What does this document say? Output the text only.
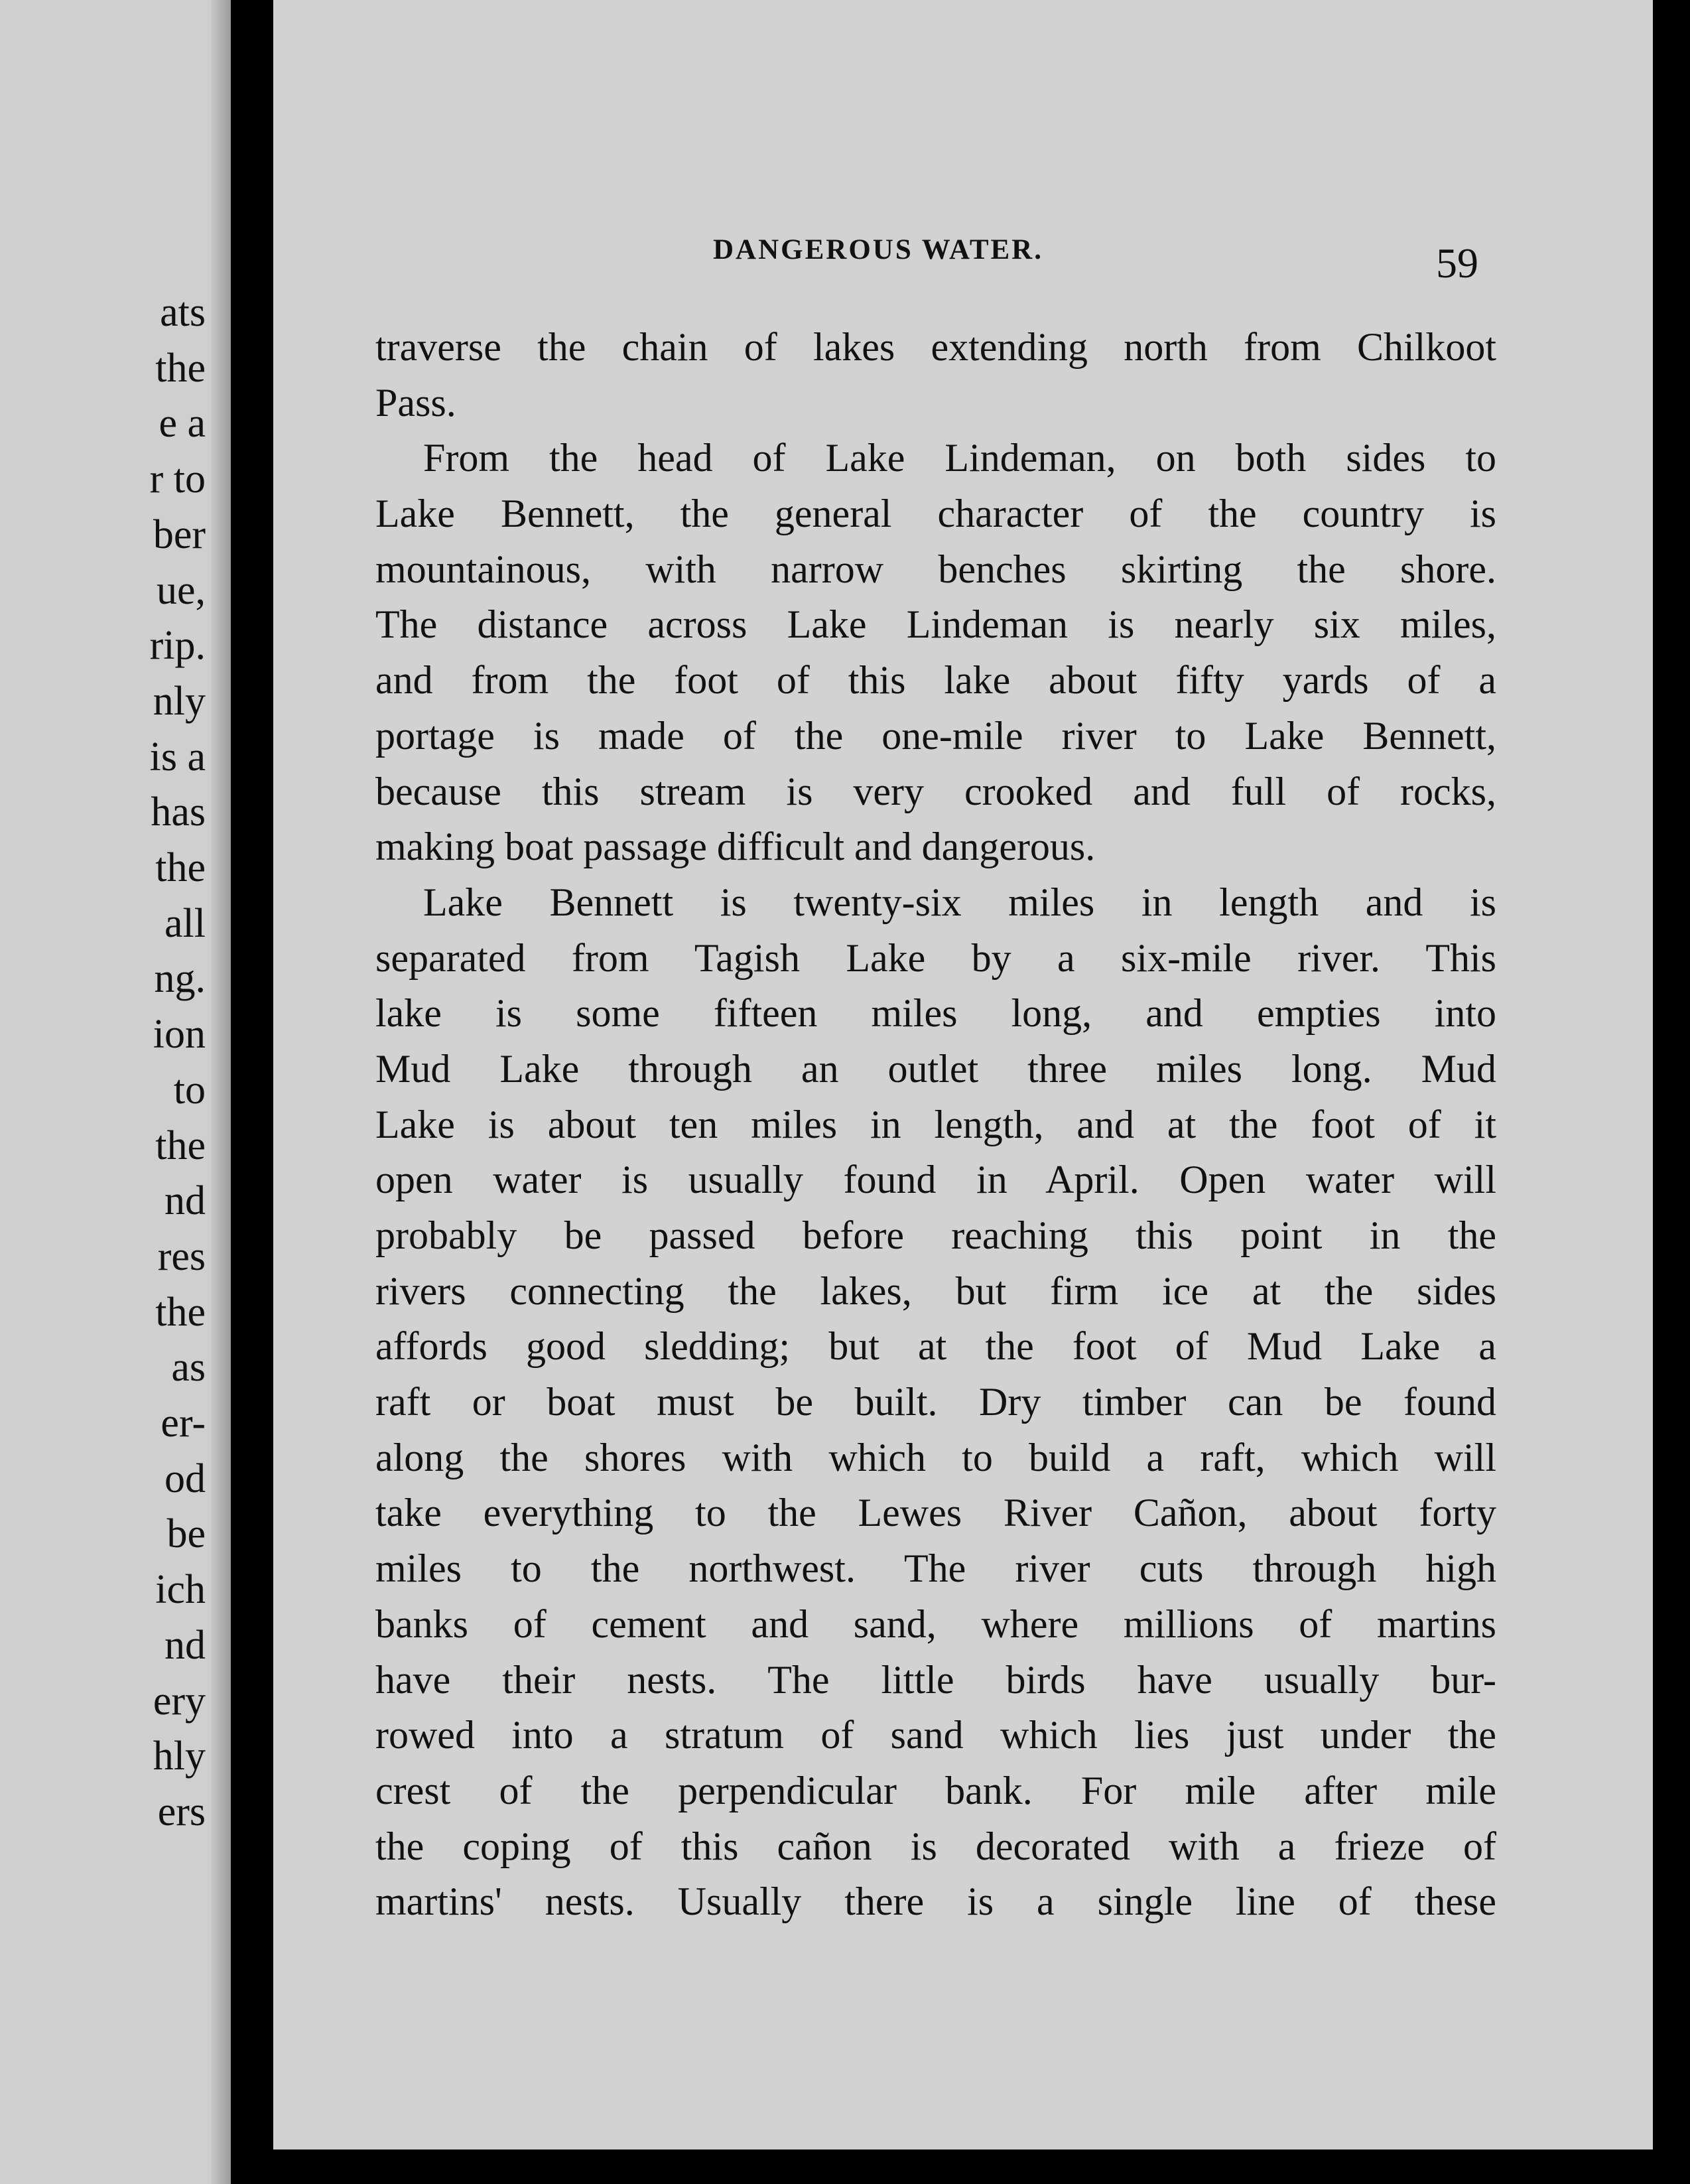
ats
the
e a
r to
ber
ue,
rip.
nly
is a
has
the
all
ng.
ion
to
the
nd
res
the
as
er-
od
be
ich
nd
ery
hly
ers
DANGEROUS WATER.	59
traverse the chain of lakes extending north from Chilkoot
Pass.
From the head of Lake Lindeman, on both sides to
Lake Bennett, the general character of the country is
mountainous, with narrow benches skirting the shore.
The distance across Lake Lindeman is nearly six miles,
and from the foot of this lake about fifty yards of a
portage is made of the one-mile river to Lake Bennett,
because this stream is very crooked and full of rocks,
making boat passage difficult and dangerous.
Lake Bennett is twenty-six miles in length and is
separated from Tagish Lake by a six-mile river. This
lake is some fifteen miles long, and empties into
Mud Lake through an outlet three miles long. Mud
Lake is about ten miles in length, and at the foot of it
open water is usually found in April. Open water will
probably be passed before reaching this point in the
rivers connecting the lakes, but firm ice at the sides
affords good sledding; but at the foot of Mud Lake a
raft or boat must be built. Dry timber can be found
along the shores with which to build a raft, which will
take everything to the Lewes River Cañon, about forty
miles to the northwest. The river cuts through high
banks of cement and sand, where millions of martins
have their nests. The little birds have usually bur-
rowed into a stratum of sand which lies just under the
crest of the perpendicular bank. For mile after mile
the coping of this cañon is decorated with a frieze of
martins' nests. Usually there is a single line of these
